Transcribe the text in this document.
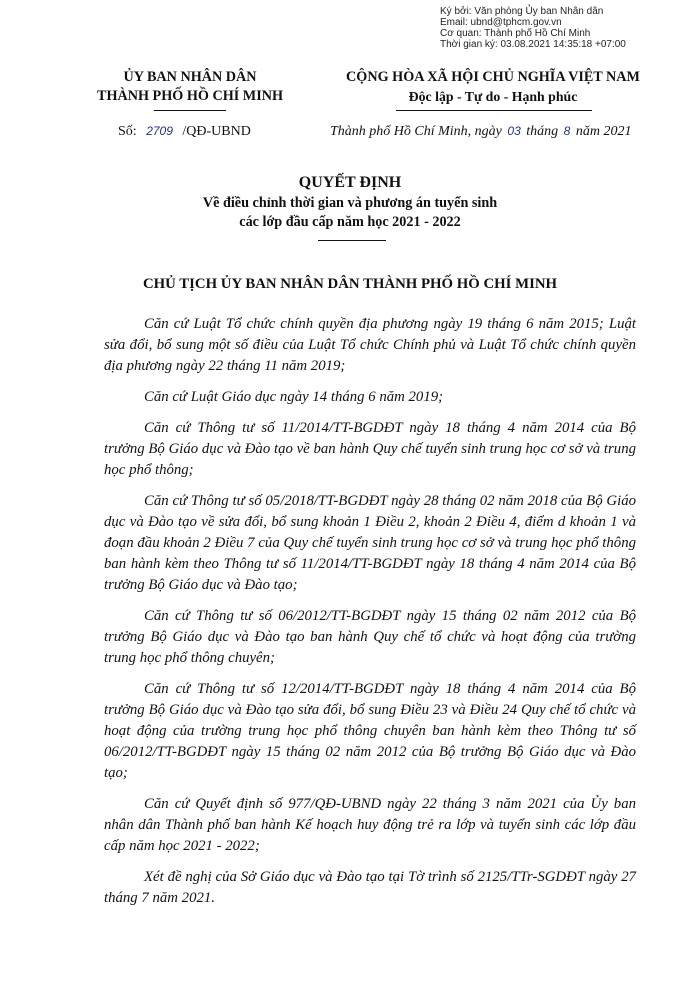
Ký bởi: Văn phòng Ủy ban Nhân dân
Email: ubnd@tphcm.gov.vn
Cơ quan: Thành phố Hồ Chí Minh
Thời gian ký: 03.08.2021 14:35:18 +07:00
ỦY BAN NHÂN DÂN
THÀNH PHỐ HỒ CHÍ MINH
CỘNG HÒA XÃ HỘI CHỦ NGHĨA VIỆT NAM
Độc lập - Tự do - Hạnh phúc
Số: 2709 /QĐ-UBND	Thành phố Hồ Chí Minh, ngày 03 tháng 8 năm 2021
QUYẾT ĐỊNH
Về điều chỉnh thời gian và phương án tuyển sinh
các lớp đầu cấp năm học 2021 - 2022
CHỦ TỊCH ỦY BAN NHÂN DÂN THÀNH PHỐ HỒ CHÍ MINH

Căn cứ Luật Tổ chức chính quyền địa phương ngày 19 tháng 6 năm 2015; Luật sửa đổi, bổ sung một số điều của Luật Tổ chức Chính phủ và Luật Tổ chức chính quyền địa phương ngày 22 tháng 11 năm 2019;

Căn cứ Luật Giáo dục ngày 14 tháng 6 năm 2019;

Căn cứ Thông tư số 11/2014/TT-BGDĐT ngày 18 tháng 4 năm 2014 của Bộ trưởng Bộ Giáo dục và Đào tạo về ban hành Quy chế tuyển sinh trung học cơ sở và trung học phổ thông;

Căn cứ Thông tư số 05/2018/TT-BGDĐT ngày 28 tháng 02 năm 2018 của Bộ Giáo dục và Đào tạo về sửa đổi, bổ sung khoản 1 Điều 2, khoản 2 Điều 4, điểm d khoản 1 và đoạn đầu khoản 2 Điều 7 của Quy chế tuyển sinh trung học cơ sở và trung học phổ thông ban hành kèm theo Thông tư số 11/2014/TT-BGDĐT ngày 18 tháng 4 năm 2014 của Bộ trưởng Bộ Giáo dục và Đào tạo;

Căn cứ Thông tư số 06/2012/TT-BGDĐT ngày 15 tháng 02 năm 2012 của Bộ trưởng Bộ Giáo dục và Đào tạo ban hành Quy chế tổ chức và hoạt động của trường trung học phổ thông chuyên;

Căn cứ Thông tư số 12/2014/TT-BGDĐT ngày 18 tháng 4 năm 2014 của Bộ trưởng Bộ Giáo dục và Đào tạo sửa đổi, bổ sung Điều 23 và Điều 24 Quy chế tổ chức và hoạt động của trường trung học phổ thông chuyên ban hành kèm theo Thông tư số 06/2012/TT-BGDĐT ngày 15 tháng 02 năm 2012 của Bộ trưởng Bộ Giáo dục và Đào tạo;

Căn cứ Quyết định số 977/QĐ-UBND ngày 22 tháng 3 năm 2021 của Ủy ban nhân dân Thành phố ban hành Kế hoạch huy động trẻ ra lớp và tuyển sinh các lớp đầu cấp năm học 2021 - 2022;

Xét đề nghị của Sở Giáo dục và Đào tạo tại Tờ trình số 2125/TTr-SGDĐT ngày 27 tháng 7 năm 2021.
